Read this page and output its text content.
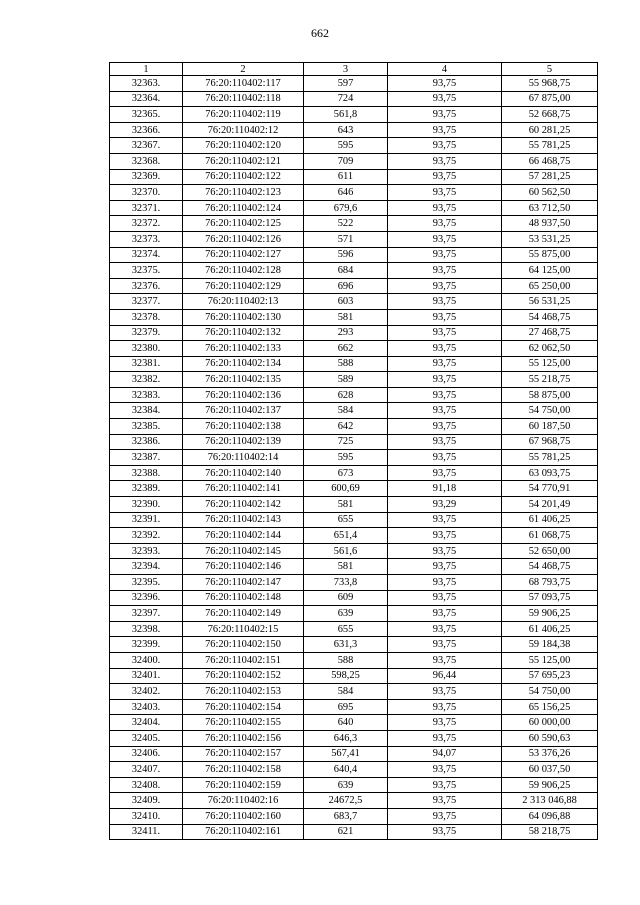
662
1	2	3	4	5
32363.	76:20:110402:117	597	93,75	55 968,75
32364.	76:20:110402:118	724	93,75	67 875,00
32365.	76:20:110402:119	561,8	93,75	52 668,75
32366.	76:20:110402:12	643	93,75	60 281,25
32367.	76:20:110402:120	595	93,75	55 781,25
32368.	76:20:110402:121	709	93,75	66 468,75
32369.	76:20:110402:122	611	93,75	57 281,25
32370.	76:20:110402:123	646	93,75	60 562,50
32371.	76:20:110402:124	679,6	93,75	63 712,50
32372.	76:20:110402:125	522	93,75	48 937,50
32373.	76:20:110402:126	571	93,75	53 531,25
32374.	76:20:110402:127	596	93,75	55 875,00
32375.	76:20:110402:128	684	93,75	64 125,00
32376.	76:20:110402:129	696	93,75	65 250,00
32377.	76:20:110402:13	603	93,75	56 531,25
32378.	76:20:110402:130	581	93,75	54 468,75
32379.	76:20:110402:132	293	93,75	27 468,75
32380.	76:20:110402:133	662	93,75	62 062,50
32381.	76:20:110402:134	588	93,75	55 125,00
32382.	76:20:110402:135	589	93,75	55 218,75
32383.	76:20:110402:136	628	93,75	58 875,00
32384.	76:20:110402:137	584	93,75	54 750,00
32385.	76:20:110402:138	642	93,75	60 187,50
32386.	76:20:110402:139	725	93,75	67 968,75
32387.	76:20:110402:14	595	93,75	55 781,25
32388.	76:20:110402:140	673	93,75	63 093,75
32389.	76:20:110402:141	600,69	91,18	54 770,91
32390.	76:20:110402:142	581	93,29	54 201,49
32391.	76:20:110402:143	655	93,75	61 406,25
32392.	76:20:110402:144	651,4	93,75	61 068,75
32393.	76:20:110402:145	561,6	93,75	52 650,00
32394.	76:20:110402:146	581	93,75	54 468,75
32395.	76:20:110402:147	733,8	93,75	68 793,75
32396.	76:20:110402:148	609	93,75	57 093,75
32397.	76:20:110402:149	639	93,75	59 906,25
32398.	76:20:110402:15	655	93,75	61 406,25
32399.	76:20:110402:150	631,3	93,75	59 184,38
32400.	76:20:110402:151	588	93,75	55 125,00
32401.	76:20:110402:152	598,25	96,44	57 695,23
32402.	76:20:110402:153	584	93,75	54 750,00
32403.	76:20:110402:154	695	93,75	65 156,25
32404.	76:20:110402:155	640	93,75	60 000,00
32405.	76:20:110402:156	646,3	93,75	60 590,63
32406.	76:20:110402:157	567,41	94,07	53 376,26
32407.	76:20:110402:158	640,4	93,75	60 037,50
32408.	76:20:110402:159	639	93,75	59 906,25
32409.	76:20:110402:16	24672,5	93,75	2 313 046,88
32410.	76:20:110402:160	683,7	93,75	64 096,88
32411.	76:20:110402:161	621	93,75	58 218,75
